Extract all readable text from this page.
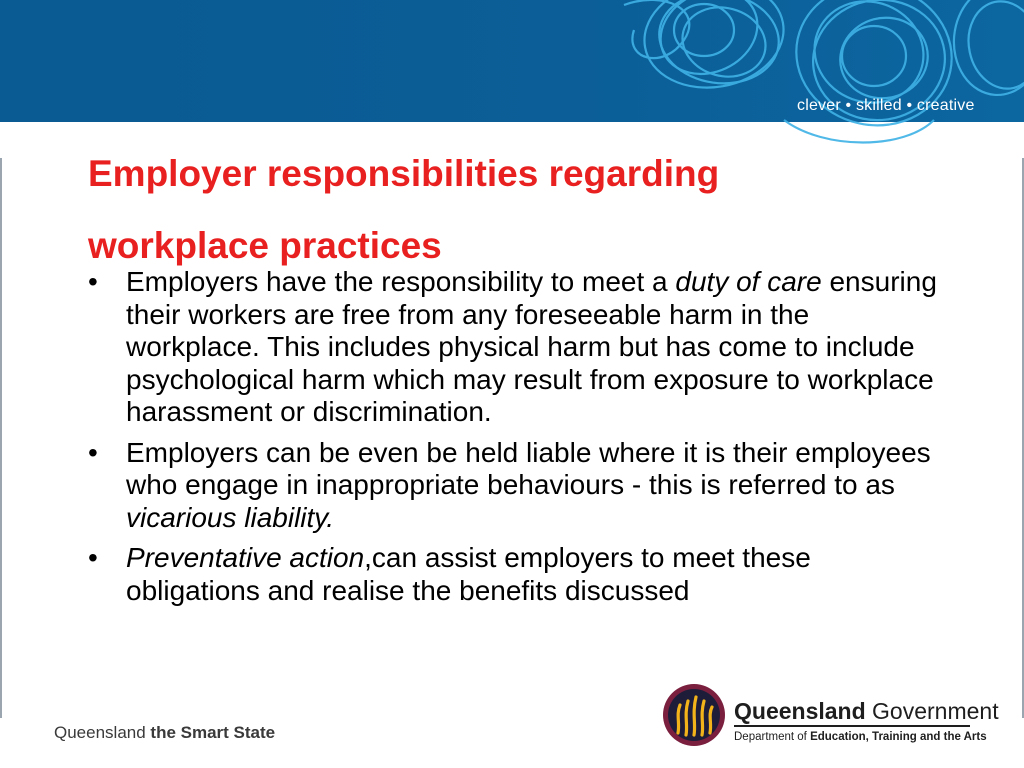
clever • skilled • creative
Employer responsibilities regarding workplace practices
• Employers have the responsibility to meet a duty of care ensuring their workers are free from any foreseeable harm in the workplace. This includes physical harm but has come to include psychological harm which may result from exposure to workplace harassment or discrimination.
• Employers can be even be held liable where it is their employees who engage in inappropriate behaviours - this is referred to as vicarious liability.
• Preventative action,can assist employers to meet these obligations and realise the benefits discussed
Queensland the Smart State
Queensland Government
Department of Education, Training and the Arts
